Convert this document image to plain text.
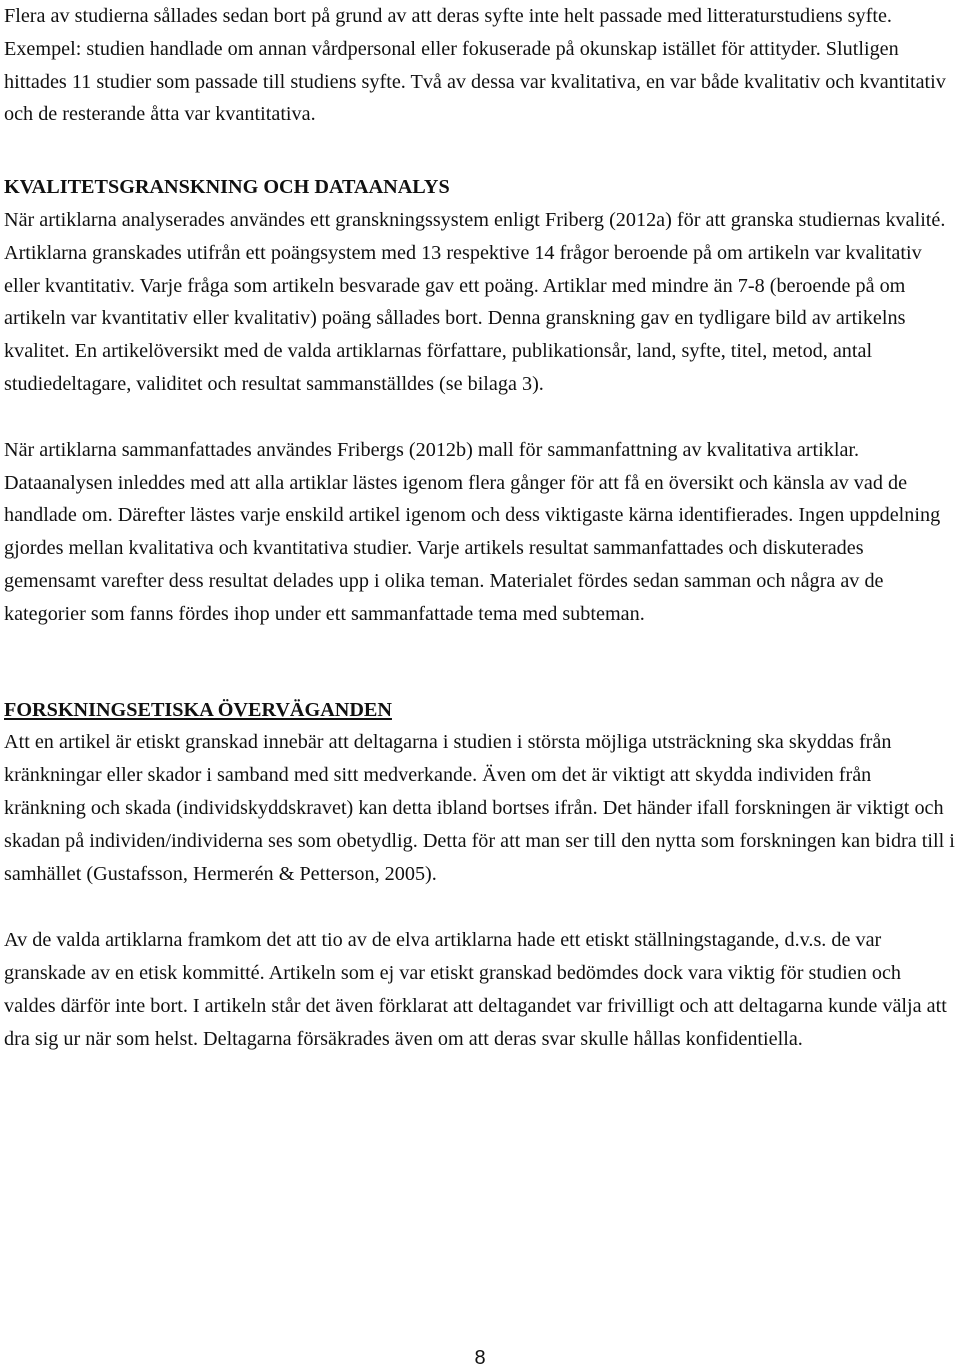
Flera av studierna sållades sedan bort på grund av att deras syfte inte helt passade med litteraturstudiens syfte. Exempel: studien handlade om annan vårdpersonal eller fokuserade på okunskap istället för attityder. Slutligen hittades 11 studier som passade till studiens syfte. Två av dessa var kvalitativa, en var både kvalitativ och kvantitativ och de resterande åtta var kvantitativa.

KVALITETSGRANSKNING OCH DATAANALYS

När artiklarna analyserades användes ett granskningssystem enligt Friberg (2012a) för att granska studiernas kvalité. Artiklarna granskades utifrån ett poängsystem med 13 respektive 14 frågor beroende på om artikeln var kvalitativ eller kvantitativ. Varje fråga som artikeln besvarade gav ett poäng. Artiklar med mindre än 7-8 (beroende på om artikeln var kvantitativ eller kvalitativ) poäng sållades bort. Denna granskning gav en tydligare bild av artikelns kvalitet. En artikelöversikt med de valda artiklarnas författare, publikationsår, land, syfte, titel, metod, antal studiedeltagare, validitet och resultat sammanställdes (se bilaga 3).

När artiklarna sammanfattades användes Fribergs (2012b) mall för sammanfattning av kvalitativa artiklar. Dataanalysen inleddes med att alla artiklar lästes igenom flera gånger för att få en översikt och känsla av vad de handlade om. Därefter lästes varje enskild artikel igenom och dess viktigaste kärna identifierades. Ingen uppdelning gjordes mellan kvalitativa och kvantitativa studier. Varje artikels resultat sammanfattades och diskuterades gemensamt varefter dess resultat delades upp i olika teman. Materialet fördes sedan samman och några av de kategorier som fanns fördes ihop under ett sammanfattade tema med subteman.

FORSKNINGSETISKA ÖVERVÄGANDEN

Att en artikel är etiskt granskad innebär att deltagarna i studien i största möjliga utsträckning ska skyddas från kränkningar eller skador i samband med sitt medverkande. Även om det är viktigt att skydda individen från kränkning och skada (individskyddskravet) kan detta ibland bortses ifrån. Det händer ifall forskningen är viktigt och skadan på individen/individerna ses som obetydlig. Detta för att man ser till den nytta som forskningen kan bidra till i samhället (Gustafsson, Hermerén & Petterson, 2005).

Av de valda artiklarna framkom det att tio av de elva artiklarna hade ett etiskt ställningstagande, d.v.s. de var granskade av en etisk kommitté. Artikeln som ej var etiskt granskad bedömdes dock vara viktig för studien och valdes därför inte bort. I artikeln står det även förklarat att deltagandet var frivilligt och att deltagarna kunde välja att dra sig ur när som helst. Deltagarna försäkrades även om att deras svar skulle hållas konfidentiella.

8
